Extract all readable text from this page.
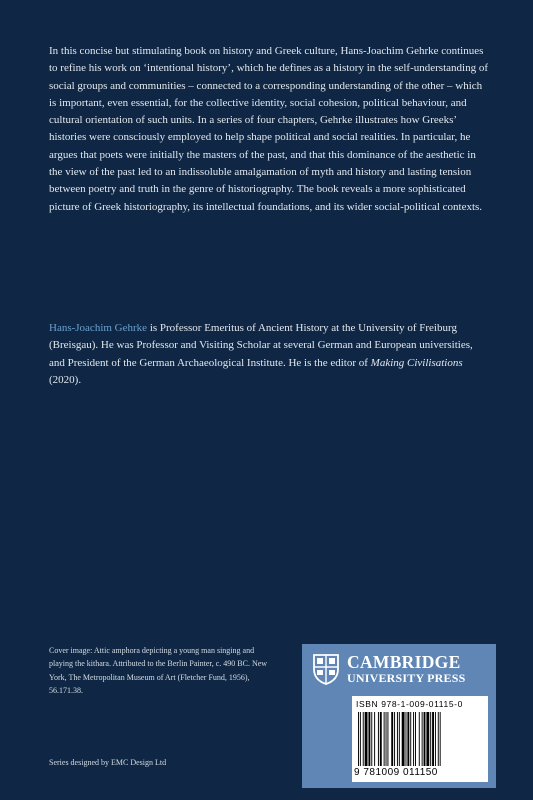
In this concise but stimulating book on history and Greek culture, Hans-Joachim Gehrke continues to refine his work on ‘intentional history’, which he defines as a history in the self-understanding of social groups and communities – connected to a corresponding understanding of the other – which is important, even essential, for the collective identity, social cohesion, political behaviour, and cultural orientation of such units. In a series of four chapters, Gehrke illustrates how Greeks’ histories were consciously employed to help shape political and social realities. In particular, he argues that poets were initially the masters of the past, and that this dominance of the aesthetic in the view of the past led to an indissoluble amalgamation of myth and history and lasting tension between poetry and truth in the genre of historiography. The book reveals a more sophisticated picture of Greek historiography, its intellectual foundations, and its wider social-political contexts.

Hans-Joachim Gehrke is Professor Emeritus of Ancient History at the University of Freiburg (Breisgau). He was Professor and Visiting Scholar at several German and European universities, and President of the German Archaeological Institute. He is the editor of Making Civilisations (2020).

Cover image: Attic amphora depicting a young man singing and playing the kithara. Attributed to the Berlin Painter, c. 490 BC. New York, The Metropolitan Museum of Art (Fletcher Fund, 1956), 56.171.38.

Series designed by EMC Design Ltd

CAMBRIDGE
UNIVERSITY PRESS
ISBN 978-1-009-01115-0
9 781009 011150
